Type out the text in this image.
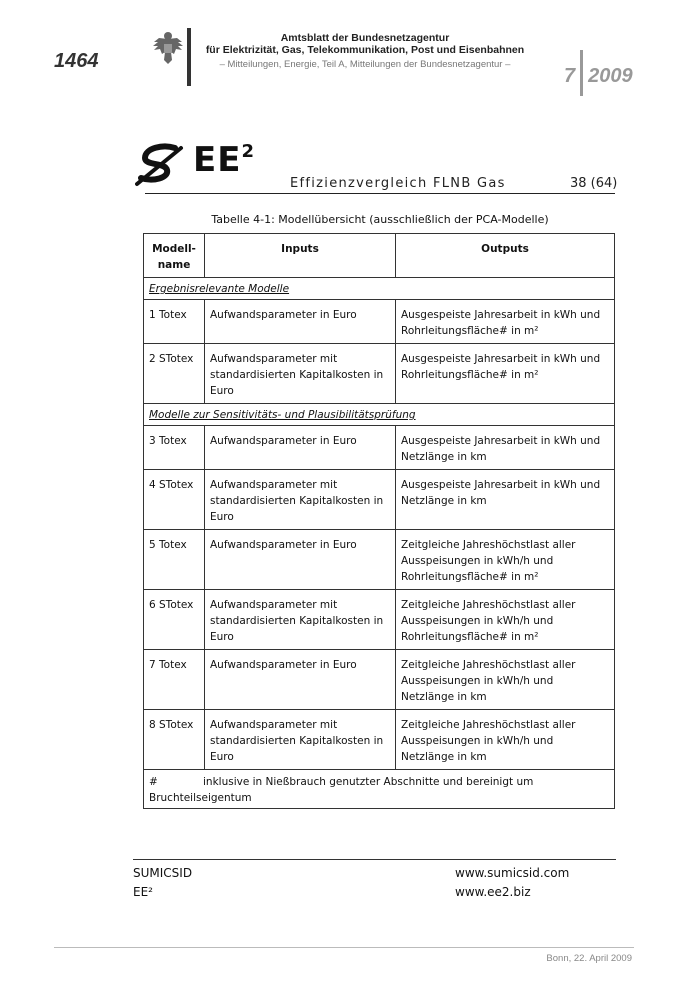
1464
Amtsblatt der Bundesnetzagentur
für Elektrizität, Gas, Telekommunikation, Post und Eisenbahnen
– Mitteilungen, Energie, Teil A, Mitteilungen der Bundesnetzagentur –
7 2009
$EE^2$
Effizienzvergleich FLNB Gas	38 (64)
Tabelle 4-1: Modellübersicht (ausschließlich der PCA-Modelle)
Modell-name	Inputs	Outputs
Ergebnisrelevante Modelle		
1 Totex	Aufwandsparameter in Euro	Ausgespeiste Jahresarbeit in kWh und Rohrleitungsfläche# in m²
2 STotex	Aufwandsparameter mit standardisierten Kapitalkosten in Euro	Ausgespeiste Jahresarbeit in kWh und Rohrleitungsfläche# in m²
Modelle zur Sensitivitäts- und Plausibilitätsprüfung		
3 Totex	Aufwandsparameter in Euro	Ausgespeiste Jahresarbeit in kWh und Netzlänge in km
4 STotex	Aufwandsparameter mit standardisierten Kapitalkosten in Euro	Ausgespeiste Jahresarbeit in kWh und Netzlänge in km
5 Totex	Aufwandsparameter in Euro	Zeitgleiche Jahreshöchstlast aller Ausspeisungen in kWh/h und Rohrleitungsfläche# in m²
6 STotex	Aufwandsparameter mit standardisierten Kapitalkosten in Euro	Zeitgleiche Jahreshöchstlast aller Ausspeisungen in kWh/h und Rohrleitungsfläche# in m²
7 Totex	Aufwandsparameter in Euro	Zeitgleiche Jahreshöchstlast aller Ausspeisungen in kWh/h und Netzlänge in km
8 STotex	Aufwandsparameter mit standardisierten Kapitalkosten in Euro	Zeitgleiche Jahreshöchstlast aller Ausspeisungen in kWh/h und Netzlänge in km
# inklusive in Nießbrauch genutzter Abschnitte und bereinigt um Bruchteilseigentum		
SUMICSID
EE²
www.sumicsid.com
www.ee2.biz
Bonn, 22. April 2009
